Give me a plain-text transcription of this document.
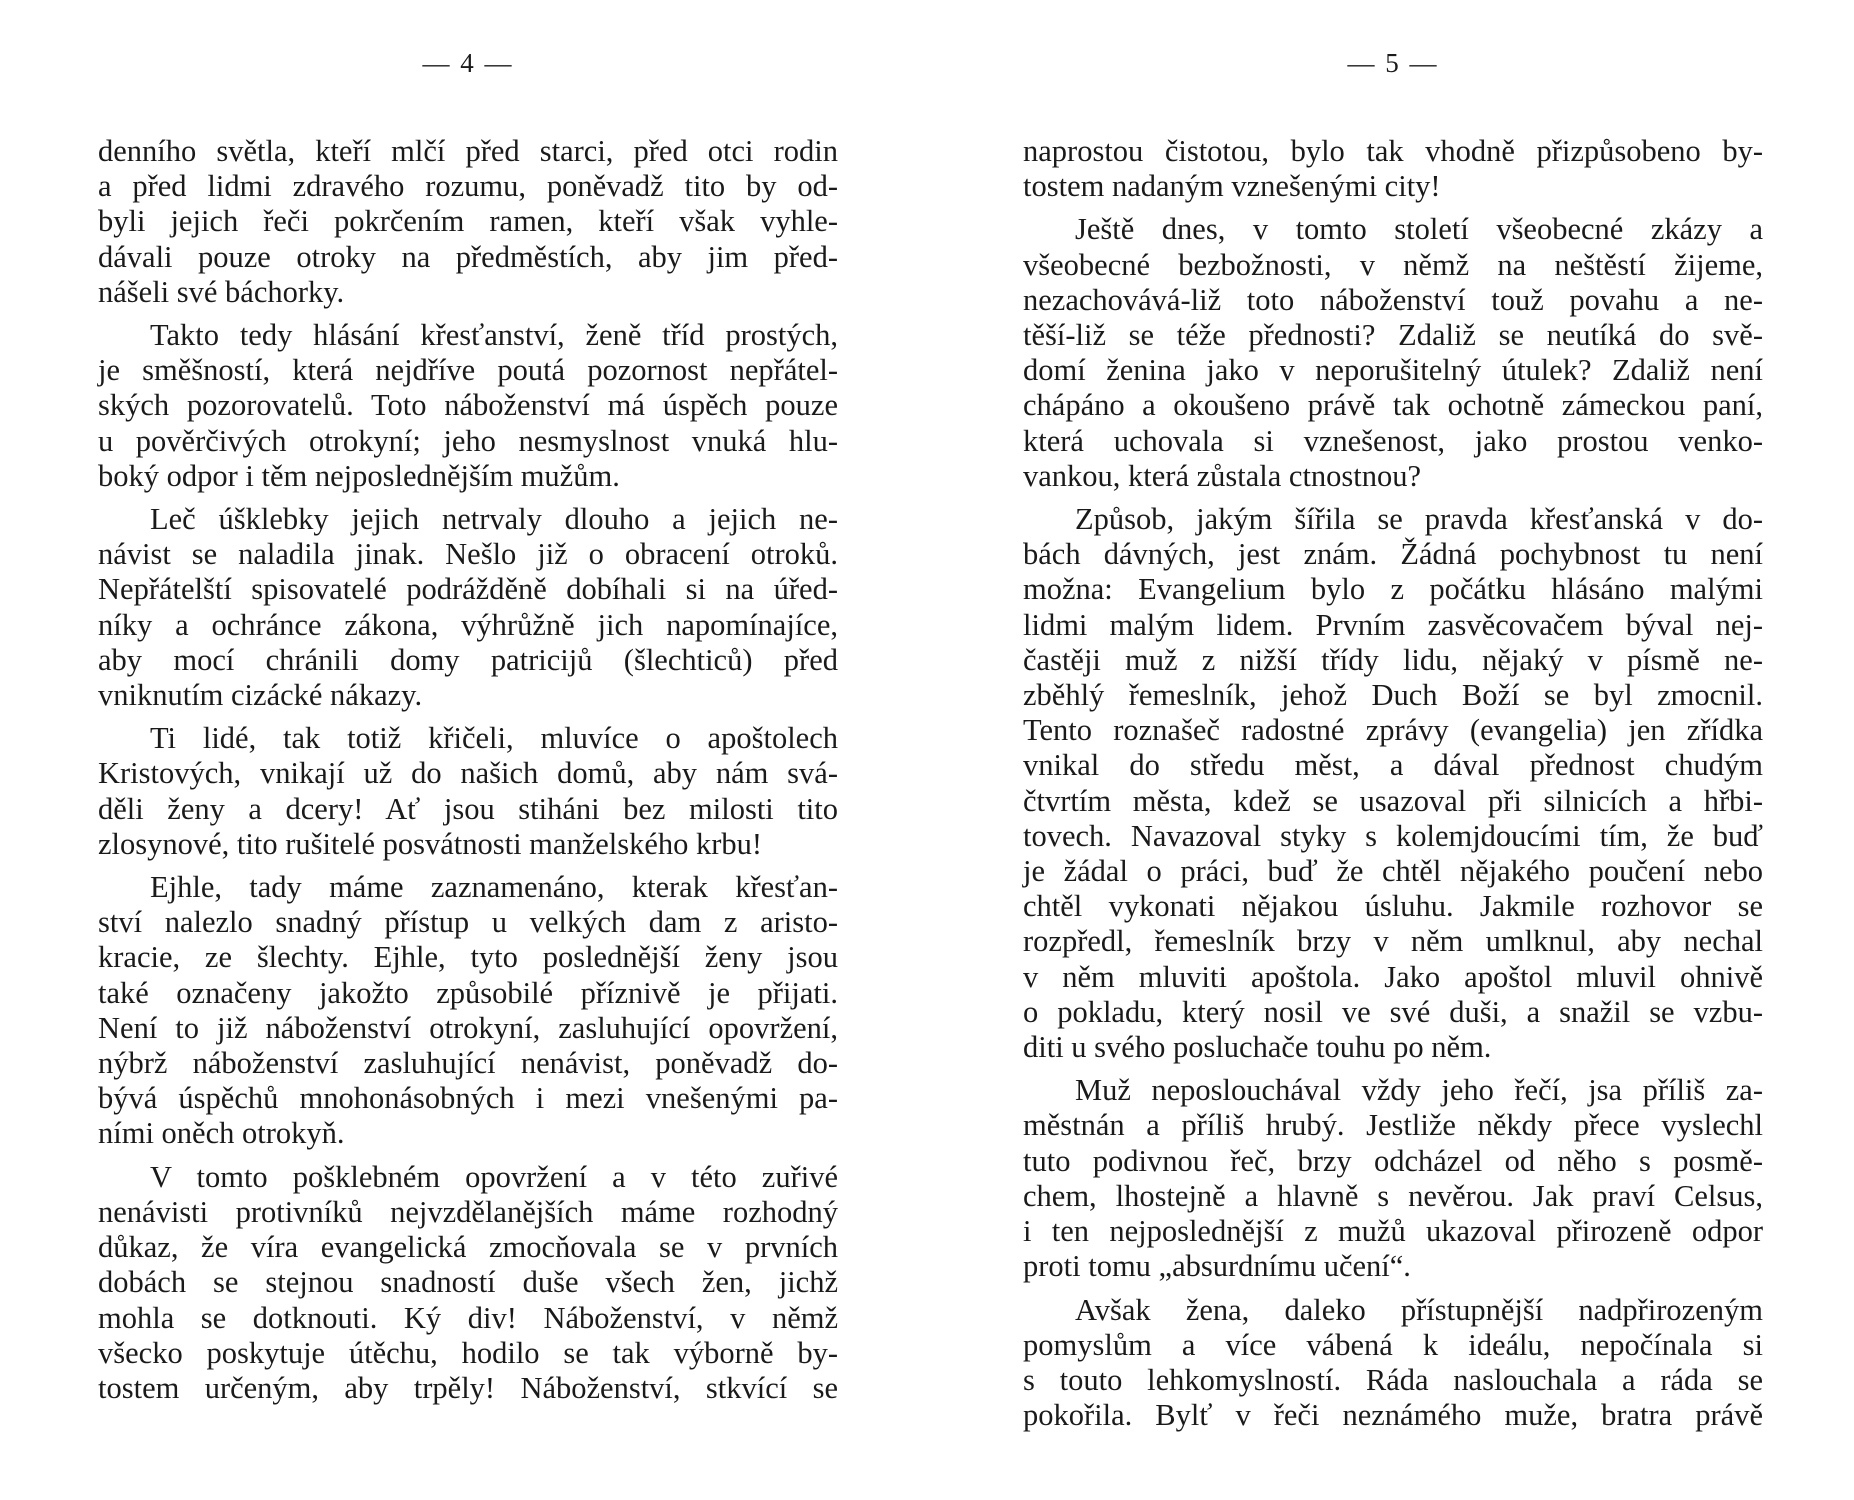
— 4 —
denního světla, kteří mlčí před starci, před otci rodin
a před lidmi zdravého rozumu, poněvadž tito by od-
byli jejich řeči pokrčením ramen, kteří však vyhle-
dávali pouze otroky na předměstích, aby jim před-
nášeli své báchorky.
Takto tedy hlásání křesťanství, ženě tříd prostých,
je směšností, která nejdříve poutá pozornost nepřátel-
ských pozorovatelů. Toto náboženství má úspěch pouze
u pověrčivých otrokyní; jeho nesmyslnost vnuká hlu-
boký odpor i těm nejposlednějším mužům.
Leč úšklebky jejich netrvaly dlouho a jejich ne-
návist se naladila jinak. Nešlo již o obracení otroků.
Nepřátelští spisovatelé podrážděně dobíhali si na úřed-
níky a ochránce zákona, výhrůžně jich napomínajíce,
aby mocí chránili domy patricijů (šlechticů) před
vniknutím cizácké nákazy.
Ti lidé, tak totiž křičeli, mluvíce o apoštolech
Kristových, vnikají už do našich domů, aby nám svá-
děli ženy a dcery! Ať jsou stiháni bez milosti tito
zlosynové, tito rušitelé posvátnosti manželského krbu!
Ejhle, tady máme zaznamenáno, kterak křesťan-
ství nalezlo snadný přístup u velkých dam z aristo-
kracie, ze šlechty. Ejhle, tyto poslednější ženy jsou
také označeny jakožto způsobilé příznivě je přijati.
Není to již náboženství otrokyní, zasluhující opovržení,
nýbrž náboženství zasluhující nenávist, poněvadž do-
bývá úspěchů mnohonásobných i mezi vnešenými pa-
ními oněch otrokyň.
V tomto pošklebném opovržení a v této zuřivé
nenávisti protivníků nejvzdělanějších máme rozhodný
důkaz, že víra evangelická zmocňovala se v prvních
dobách se stejnou snadností duše všech žen, jichž
mohla se dotknouti. Ký div! Náboženství, v němž
všecko poskytuje útěchu, hodilo se tak výborně by-
tostem určeným, aby trpěly! Náboženství, stkvící se
— 5 —
naprostou čistotou, bylo tak vhodně přizpůsobeno by-
tostem nadaným vznešenými city!
Ještě dnes, v tomto století všeobecné zkázy a
všeobecné bezbožnosti, v němž na neštěstí žijeme,
nezachovává-liž toto náboženství touž povahu a ne-
těší-liž se téže přednosti? Zdaliž se neutíká do svě-
domí ženina jako v neporušitelný útulek? Zdaliž není
chápáno a okoušeno právě tak ochotně zámeckou paní,
která uchovala si vznešenost, jako prostou venko-
vankou, která zůstala ctnostnou?
Způsob, jakým šířila se pravda křesťanská v do-
bách dávných, jest znám. Žádná pochybnost tu není
možna: Evangelium bylo z počátku hlásáno malými
lidmi malým lidem. Prvním zasvěcovačem býval nej-
častěji muž z nižší třídy lidu, nějaký v písmě ne-
zběhlý řemeslník, jehož Duch Boží se byl zmocnil.
Tento roznašeč radostné zprávy (evangelia) jen zřídka
vnikal do středu měst, a dával přednost chudým
čtvrtím města, kdež se usazoval při silnicích a hřbi-
tovech. Navazoval styky s kolemjdoucími tím, že buď
je žádal o práci, buď že chtěl nějakého poučení nebo
chtěl vykonati nějakou úsluhu. Jakmile rozhovor se
rozpředl, řemeslník brzy v něm umlknul, aby nechal
v něm mluviti apoštola. Jako apoštol mluvil ohnivě
o pokladu, který nosil ve své duši, a snažil se vzbu-
diti u svého posluchače touhu po něm.
Muž neposlouchával vždy jeho řečí, jsa příliš za-
městnán a příliš hrubý. Jestliže někdy přece vyslechl
tuto podivnou řeč, brzy odcházel od něho s posmě-
chem, lhostejně a hlavně s nevěrou. Jak praví Celsus,
i ten nejposlednější z mužů ukazoval přirozeně odpor
proti tomu „absurdnímu učení“.
Avšak žena, daleko přístupnější nadpřirozeným
pomyslům a více vábená k ideálu, nepočínala si
s touto lehkomyslností. Ráda naslouchala a ráda se
pokořila. Bylť v řeči neznámého muže, bratra právě
